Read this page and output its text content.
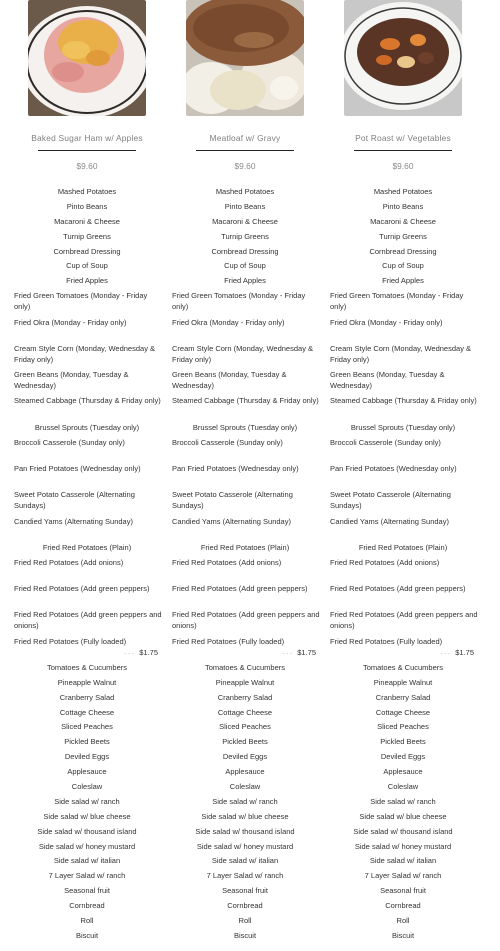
Baked Sugar Ham w/ Apples
$9.60
Mashed Potatoes
Pinto Beans
Macaroni & Cheese
Turnip Greens
Cornbread Dressing
Cup of Soup
Fried Apples
Fried Green Tomatoes (Monday - Friday only)
Fried Okra (Monday - Friday only)
Cream Style Corn (Monday, Wednesday & Friday only)
Green Beans (Monday, Tuesday & Wednesday)
Steamed Cabbage (Thursday & Friday only)
Brussel Sprouts (Tuesday only)
Broccoli Casserole (Sunday only)
Pan Fried Potatoes (Wednesday only)
Sweet Potato Casserole (Alternating Sundays)
Candied Yams (Alternating Sunday)
Fried Red Potatoes (Plain)
Fried Red Potatoes (Add onions)
Fried Red Potatoes (Add green peppers)
Fried Red Potatoes (Add green peppers and onions)
Fried Red Potatoes (Fully loaded)
. . . $1.75
Tomatoes & Cucumbers
Pineapple Walnut
Cranberry Salad
Cottage Cheese
Sliced Peaches
Pickled Beets
Deviled Eggs
Applesauce
Coleslaw
Side salad w/ ranch
Side salad w/ blue cheese
Side salad w/ thousand island
Side salad w/ honey mustard
Side salad w/ italian
7 Layer Salad w/ ranch
Seasonal fruit
Cornbread
Roll
Biscuit
Meatloaf w/ Gravy
$9.60
Mashed Potatoes
Pinto Beans
Macaroni & Cheese
Turnip Greens
Cornbread Dressing
Cup of Soup
Fried Apples
Fried Green Tomatoes (Monday - Friday only)
Fried Okra (Monday - Friday only)
Cream Style Corn (Monday, Wednesday & Friday only)
Green Beans (Monday, Tuesday & Wednesday)
Steamed Cabbage (Thursday & Friday only)
Brussel Sprouts (Tuesday only)
Broccoli Casserole (Sunday only)
Pan Fried Potatoes (Wednesday only)
Sweet Potato Casserole (Alternating Sundays)
Candied Yams (Alternating Sunday)
Fried Red Potatoes (Plain)
Fried Red Potatoes (Add onions)
Fried Red Potatoes (Add green peppers)
Fried Red Potatoes (Add green peppers and onions)
Fried Red Potatoes (Fully loaded)
. . . $1.75
Tomatoes & Cucumbers
Pineapple Walnut
Cranberry Salad
Cottage Cheese
Sliced Peaches
Pickled Beets
Deviled Eggs
Applesauce
Coleslaw
Side salad w/ ranch
Side salad w/ blue cheese
Side salad w/ thousand island
Side salad w/ honey mustard
Side salad w/ italian
7 Layer Salad w/ ranch
Seasonal fruit
Cornbread
Roll
Biscuit
Pot Roast w/ Vegetables
$9.60
Mashed Potatoes
Pinto Beans
Macaroni & Cheese
Turnip Greens
Cornbread Dressing
Cup of Soup
Fried Apples
Fried Green Tomatoes (Monday - Friday only)
Fried Okra (Monday - Friday only)
Cream Style Corn (Monday, Wednesday & Friday only)
Green Beans (Monday, Tuesday & Wednesday)
Steamed Cabbage (Thursday & Friday only)
Brussel Sprouts (Tuesday only)
Broccoli Casserole (Sunday only)
Pan Fried Potatoes (Wednesday only)
Sweet Potato Casserole (Alternating Sundays)
Candied Yams (Alternating Sunday)
Fried Red Potatoes (Plain)
Fried Red Potatoes (Add onions)
Fried Red Potatoes (Add green peppers)
Fried Red Potatoes (Add green peppers and onions)
Fried Red Potatoes (Fully loaded)
. . . $1.75
Tomatoes & Cucumbers
Pineapple Walnut
Cranberry Salad
Cottage Cheese
Sliced Peaches
Pickled Beets
Deviled Eggs
Applesauce
Coleslaw
Side salad w/ ranch
Side salad w/ blue cheese
Side salad w/ thousand island
Side salad w/ honey mustard
Side salad w/ italian
7 Layer Salad w/ ranch
Seasonal fruit
Cornbread
Roll
Biscuit
